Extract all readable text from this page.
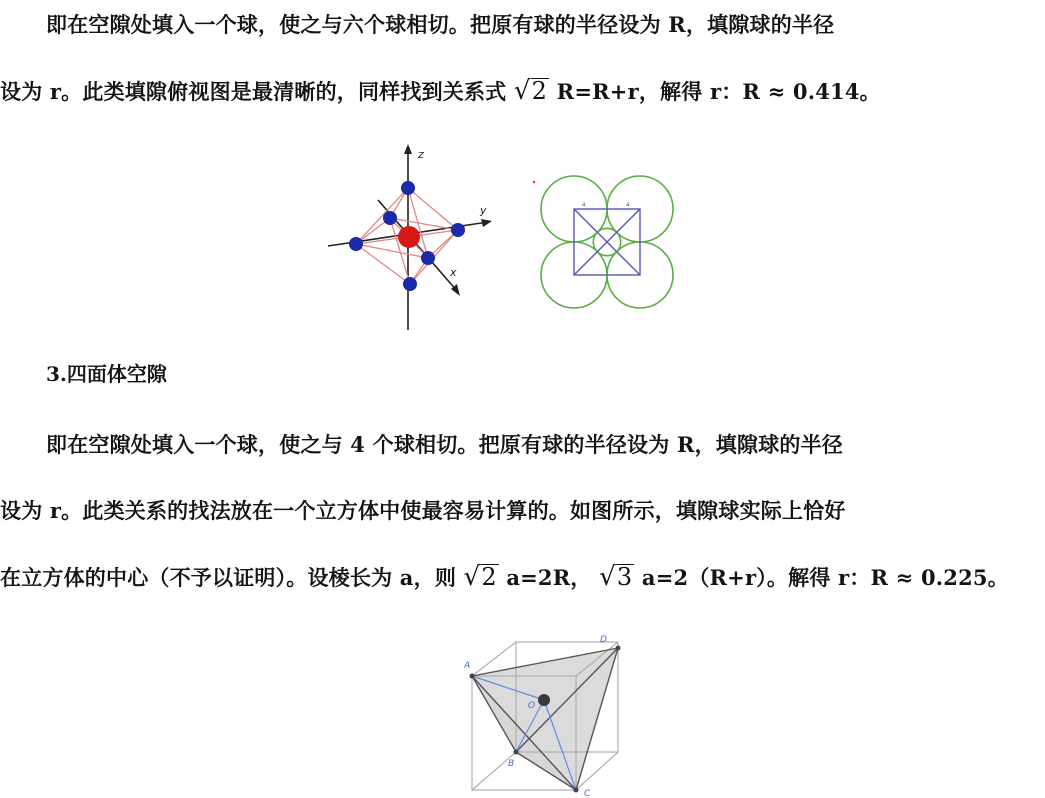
即在空隙处填入一个球，使之与六个球相切。把原有球的半径设为 R，填隙球的半径
设为 r。此类填隙俯视图是最清晰的，同样找到关系式 √2 R=R+r，解得 r：R ≈ 0.414。
z
y
x
a	a
3.四面体空隙
即在空隙处填入一个球，使之与 4 个球相切。把原有球的半径设为 R，填隙球的半径
设为 r。此类关系的找法放在一个立方体中使最容易计算的。如图所示，填隙球实际上恰好
在立方体的中心（不予以证明）。设棱长为 a，则 √2 a=2R， √3 a=2（R+r）。解得 r：R ≈ 0.225。
A
D
C
B
O
